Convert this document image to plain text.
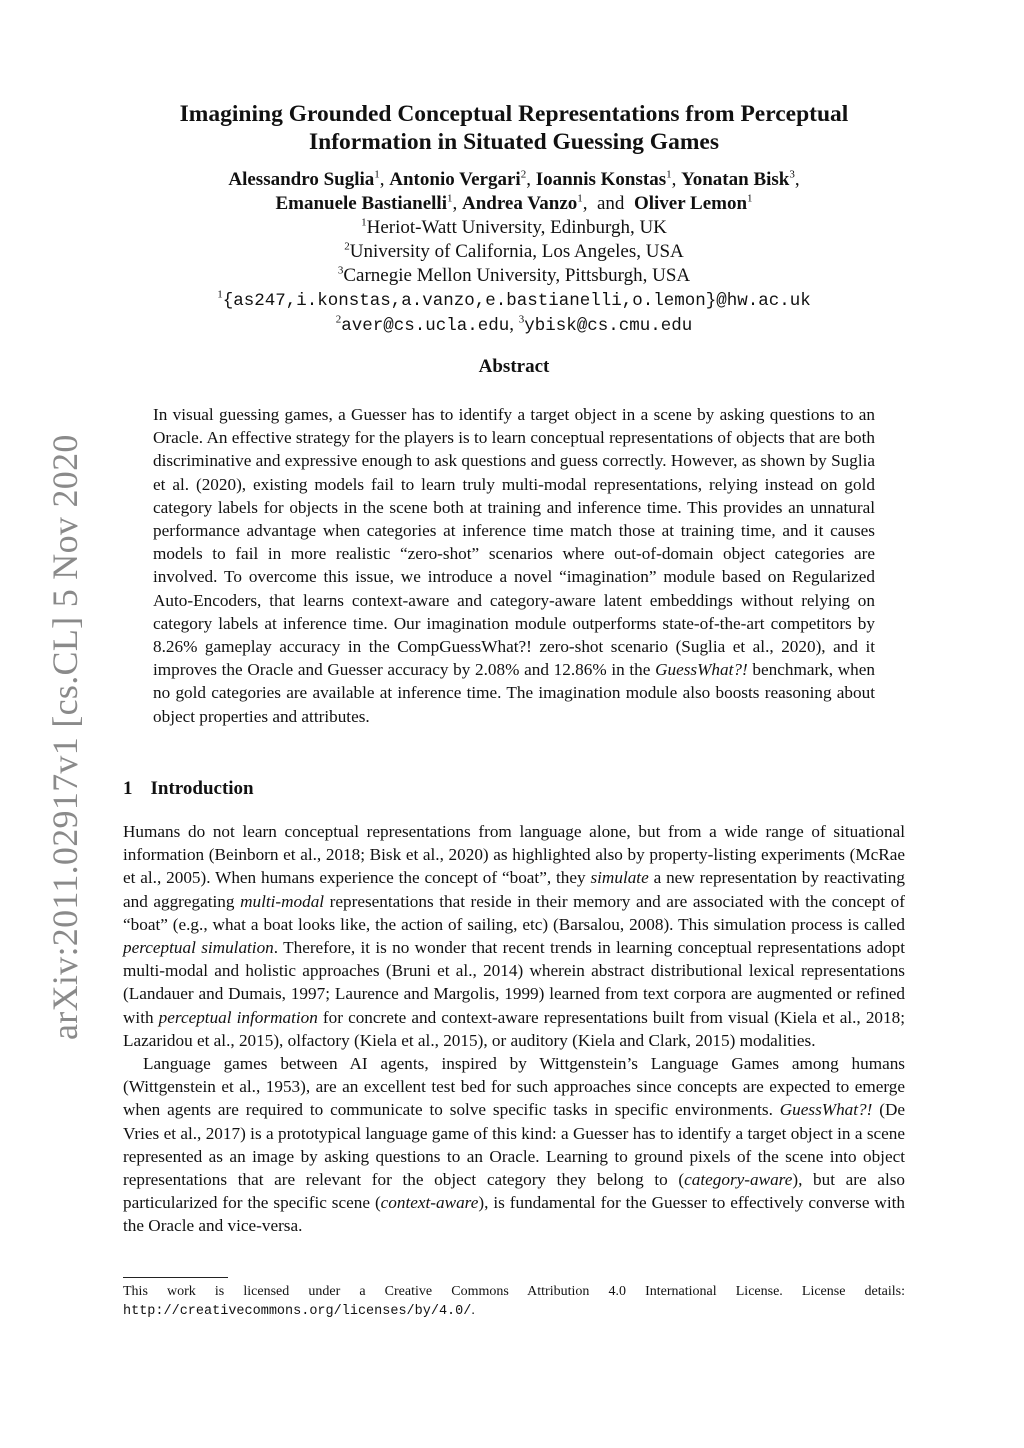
arXiv:2011.02917v1 [cs.CL] 5 Nov 2020
Imagining Grounded Conceptual Representations from Perceptual
Information in Situated Guessing Games
Alessandro Suglia$^1$, Antonio Vergari$^2$, Ioannis Konstas$^1$, Yonatan Bisk$^3$,
Emanuele Bastianelli$^1$, Andrea Vanzo$^1$,  and Oliver Lemon$^1$
$^1$Heriot-Watt University, Edinburgh, UK
$^2$University of California, Los Angeles, USA
$^3$Carnegie Mellon University, Pittsburgh, USA
$^1${as247,i.konstas,a.vanzo,e.bastianelli,o.lemon}@hw.ac.uk
$^2$aver@cs.ucla.edu, $^3$ybisk@cs.cmu.edu
Abstract
In visual guessing games, a Guesser has to identify a target object in a scene by asking questions to an Oracle. An effective strategy for the players is to learn conceptual representations of objects that are both discriminative and expressive enough to ask questions and guess correctly. However, as shown by Suglia et al. (2020), existing models fail to learn truly multi-modal representations, relying instead on gold category labels for objects in the scene both at training and inference time. This provides an unnatural performance advantage when categories at inference time match those at training time, and it causes models to fail in more realistic “zero-shot” scenarios where out-of-domain object categories are involved. To overcome this issue, we introduce a novel “imagination” module based on Regularized Auto-Encoders, that learns context-aware and category-aware latent embeddings without relying on category labels at inference time. Our imagination module outperforms state-of-the-art competitors by 8.26% gameplay accuracy in the CompGuessWhat?! zero-shot scenario (Suglia et al., 2020), and it improves the Oracle and Guesser accuracy by 2.08% and 12.86% in the GuessWhat?! benchmark, when no gold categories are available at inference time. The imagination module also boosts reasoning about object properties and attributes.
1 Introduction

Humans do not learn conceptual representations from language alone, but from a wide range of situational information (Beinborn et al., 2018; Bisk et al., 2020) as highlighted also by property-listing experiments (McRae et al., 2005). When humans experience the concept of “boat”, they simulate a new representation by reactivating and aggregating multi-modal representations that reside in their memory and are associated with the concept of “boat” (e.g., what a boat looks like, the action of sailing, etc) (Barsalou, 2008). This simulation process is called perceptual simulation. Therefore, it is no wonder that recent trends in learning conceptual representations adopt multi-modal and holistic approaches (Bruni et al., 2014) wherein abstract distributional lexical representations (Landauer and Dumais, 1997; Laurence and Margolis, 1999) learned from text corpora are augmented or refined with perceptual information for concrete and context-aware representations built from visual (Kiela et al., 2018; Lazaridou et al., 2015), olfactory (Kiela et al., 2015), or auditory (Kiela and Clark, 2015) modalities.

Language games between AI agents, inspired by Wittgenstein’s Language Games among humans (Wittgenstein et al., 1953), are an excellent test bed for such approaches since concepts are expected to emerge when agents are required to communicate to solve specific tasks in specific environments. GuessWhat?! (De Vries et al., 2017) is a prototypical language game of this kind: a Guesser has to identify a target object in a scene represented as an image by asking questions to an Oracle. Learning to ground pixels of the scene into object representations that are relevant for the object category they belong to (category-aware), but are also particularized for the specific scene (context-aware), is fundamental for the Guesser to effectively converse with the Oracle and vice-versa.

This work is licensed under a Creative Commons Attribution 4.0 International License. License details: http://creativecommons.org/licenses/by/4.0/.
